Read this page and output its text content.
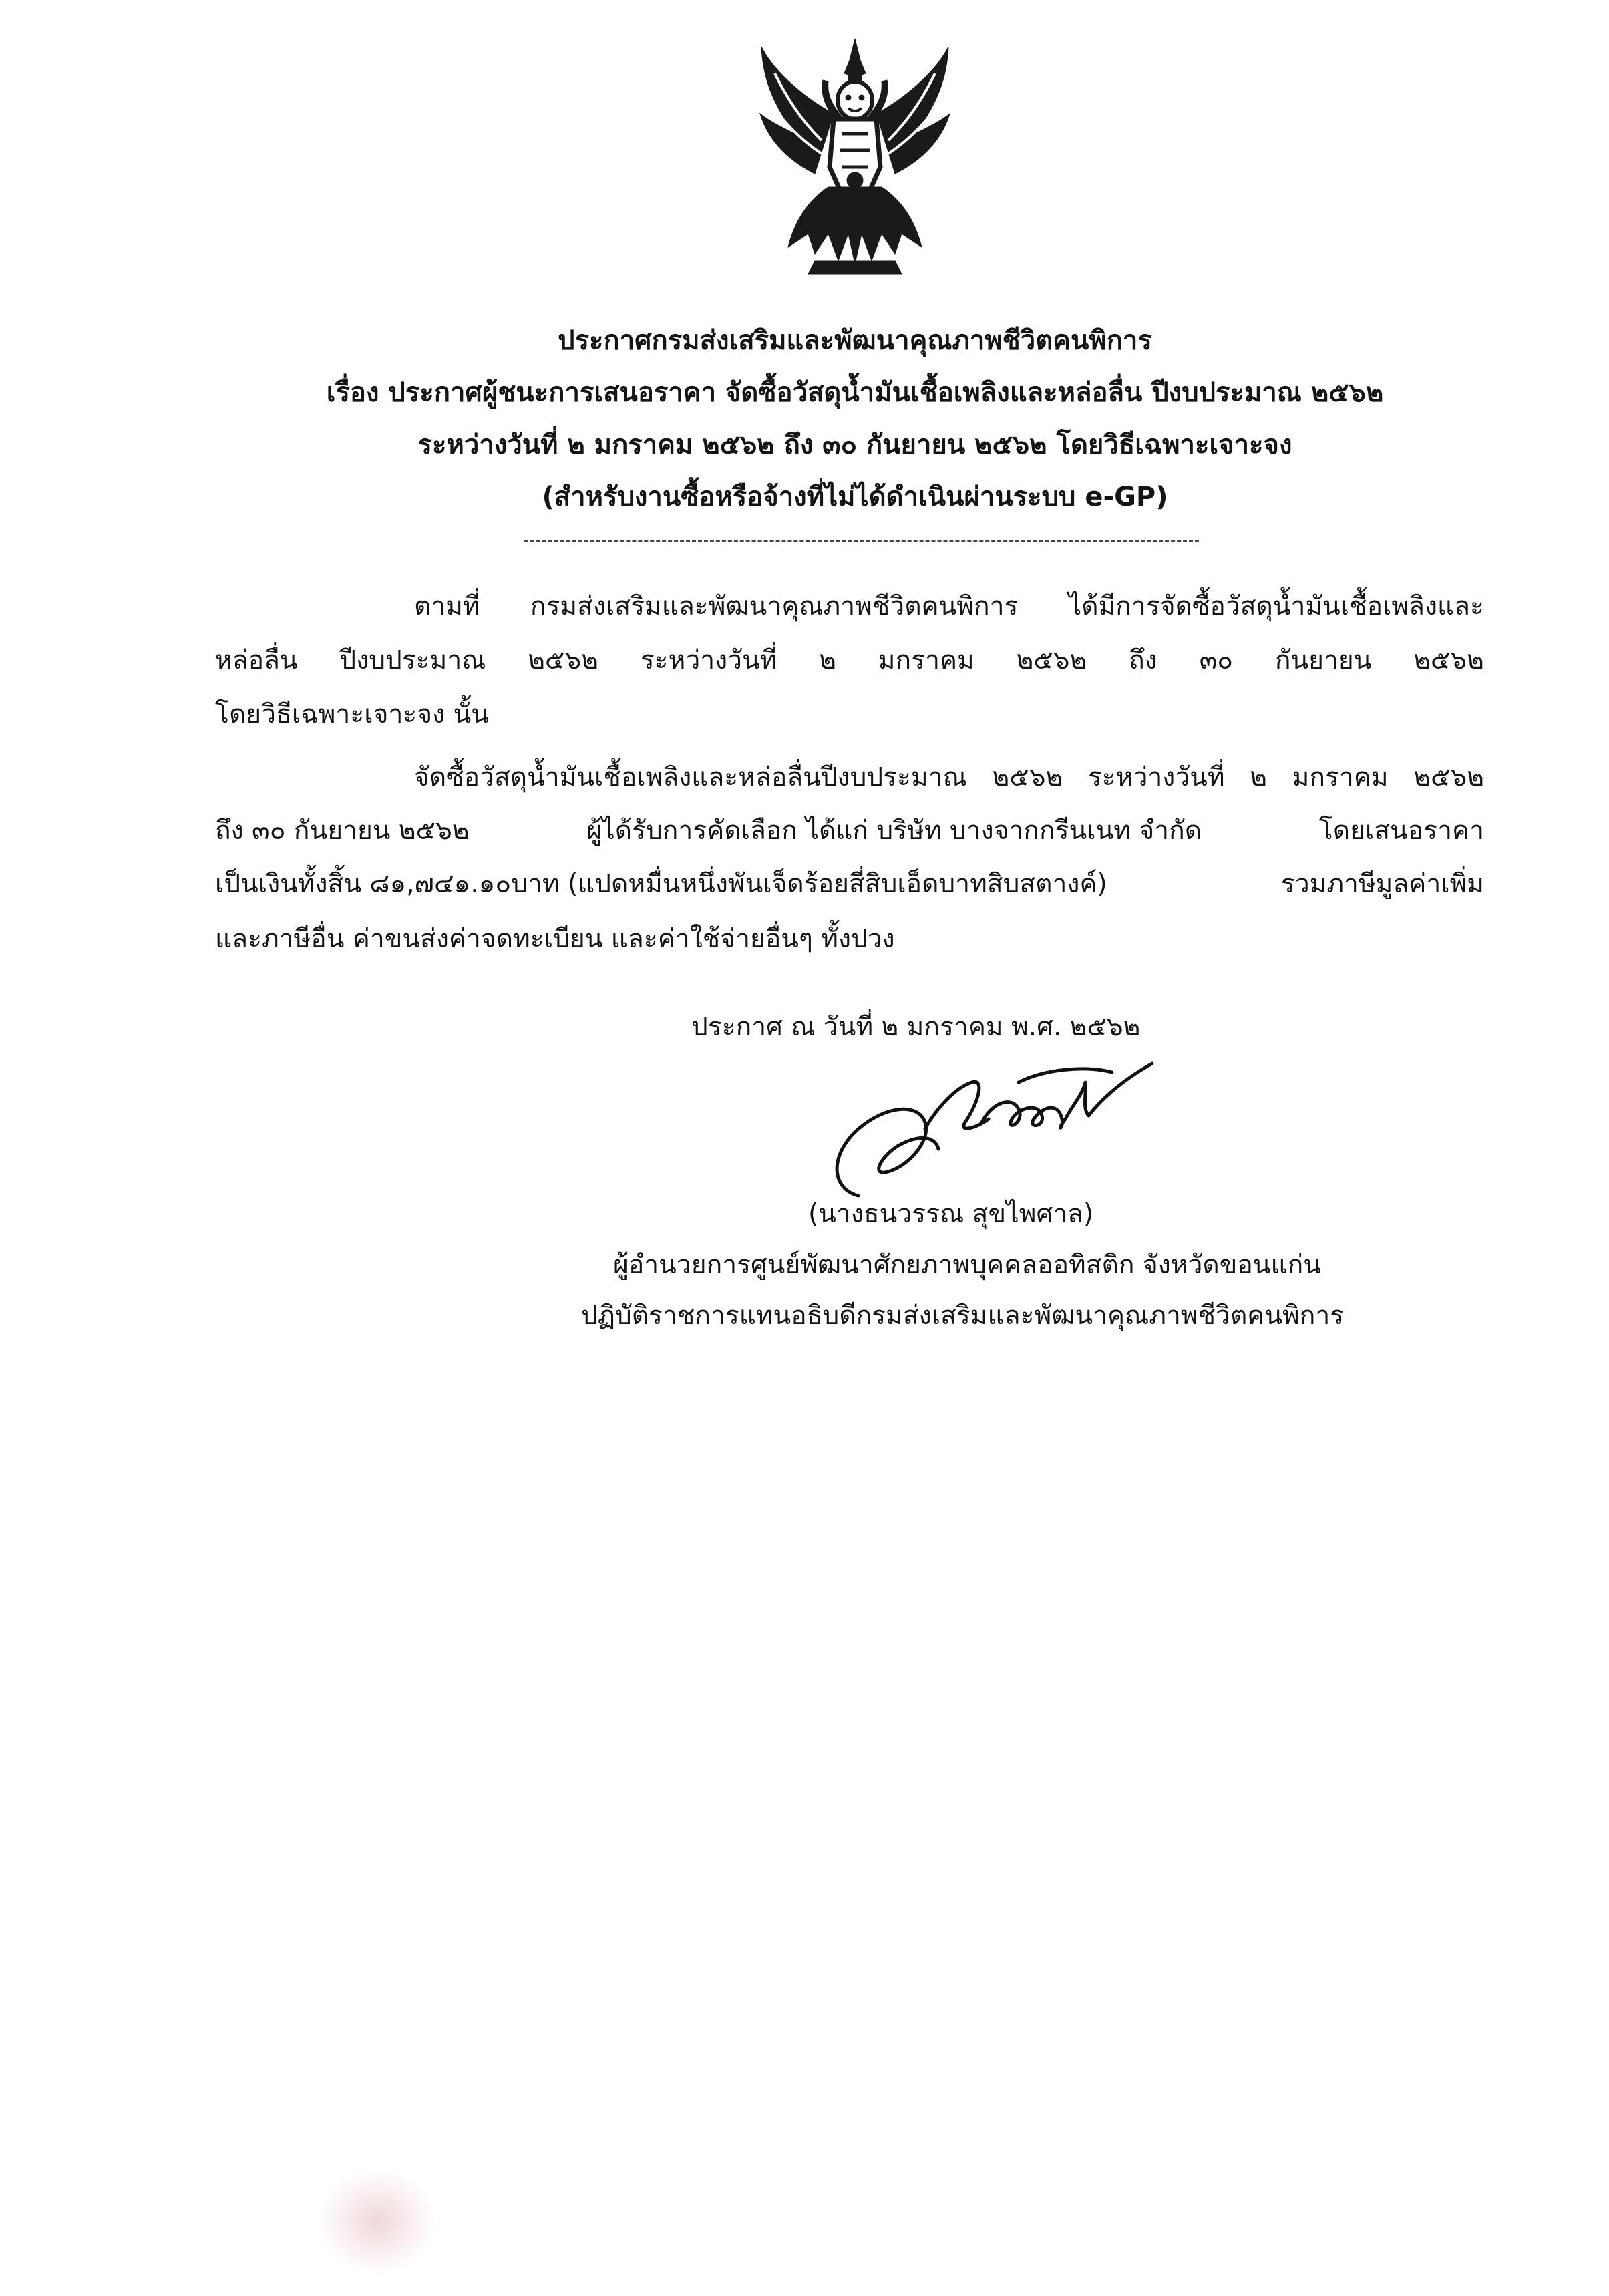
ประกาศกรมส่งเสริมและพัฒนาคุณภาพชีวิตคนพิการ
เรื่อง ประกาศผู้ชนะการเสนอราคา จัดซื้อวัสดุน้ำมันเชื้อเพลิงและหล่อลื่น ปีงบประมาณ ๒๕๖๒
ระหว่างวันที่ ๒ มกราคม ๒๕๖๒ ถึง ๓๐ กันยายน ๒๕๖๒ โดยวิธีเฉพาะเจาะจง
(สำหรับงานซื้อหรือจ้างที่ไม่ได้ดำเนินผ่านระบบ e-GP)
ตามที่ กรมส่งเสริมและพัฒนาคุณภาพชีวิตคนพิการ ได้มีการจัดซื้อวัสดุน้ำมันเชื้อเพลิงและ
หล่อลื่น ปีงบประมาณ ๒๕๖๒ ระหว่างวันที่ ๒ มกราคม ๒๕๖๒ ถึง ๓๐ กันยายน ๒๕๖๒
โดยวิธีเฉพาะเจาะจง นั้น
จัดซื้อวัสดุน้ำมันเชื้อเพลิงและหล่อลื่นปีงบประมาณ ๒๕๖๒ ระหว่างวันที่ ๒ มกราคม ๒๕๖๒
ถึง ๓๐ กันยายน ๒๕๖๒	ผู้ได้รับการคัดเลือก ได้แก่ บริษัท บางจากกรีนเนท จำกัด	โดยเสนอราคา
เป็นเงินทั้งสิ้น ๘๑,๗๔๑.๑๐บาท (แปดหมื่นหนึ่งพันเจ็ดร้อยสี่สิบเอ็ดบาทสิบสตางค์)	รวมภาษีมูลค่าเพิ่ม
และภาษีอื่น ค่าขนส่งค่าจดทะเบียน และค่าใช้จ่ายอื่นๆ ทั้งปวง
ประกาศ ณ วันที่ ๒ มกราคม พ.ศ. ๒๕๖๒
(นางธนวรรณ สุขไพศาล)
ผู้อำนวยการศูนย์พัฒนาศักยภาพบุคคลออทิสติก จังหวัดขอนแก่น
ปฏิบัติราชการแทนอธิบดีกรมส่งเสริมและพัฒนาคุณภาพชีวิตคนพิการ
